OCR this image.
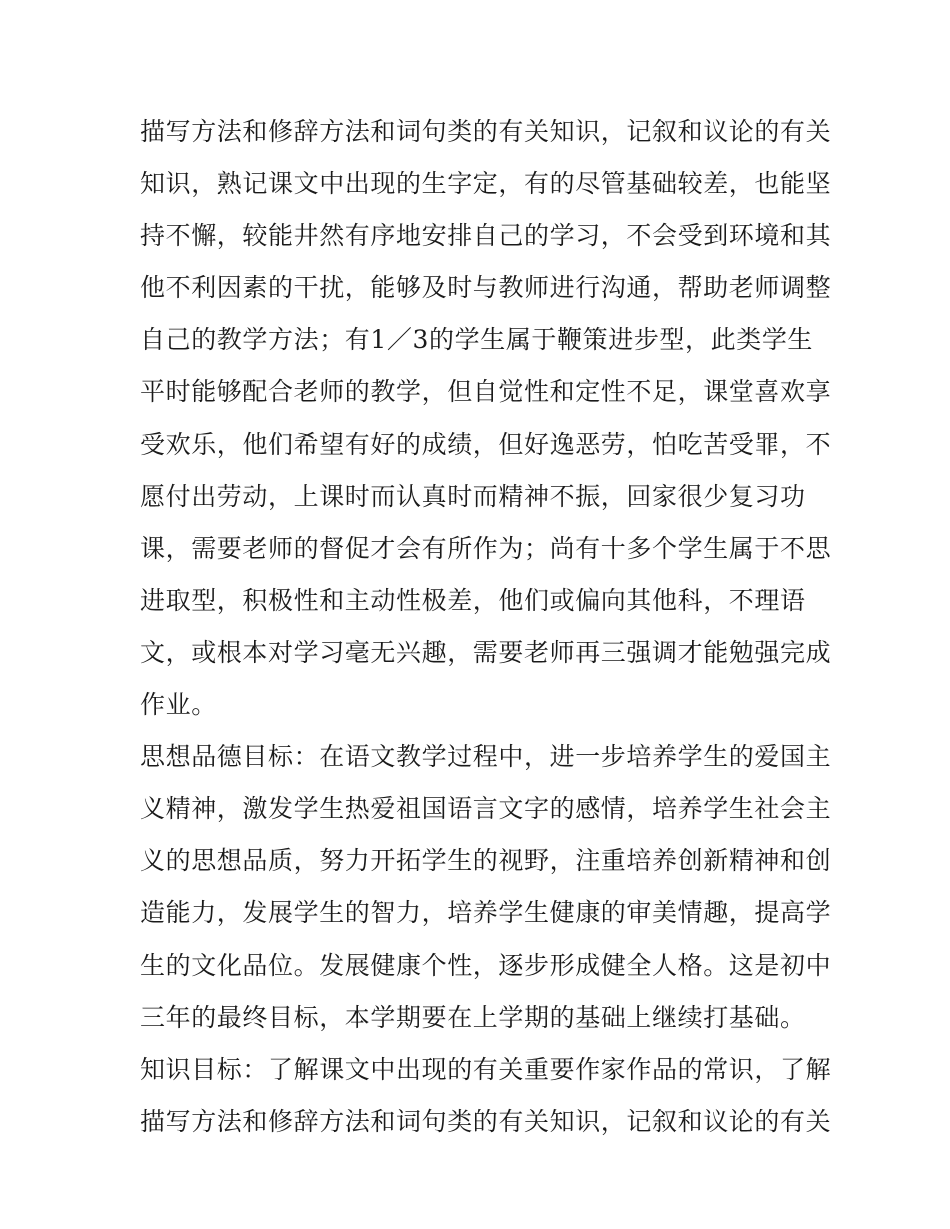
描写方法和修辞方法和词句类的有关知识，记叙和议论的有关
知识，熟记课文中出现的生字定，有的尽管基础较差，也能坚
持不懈，较能井然有序地安排自己的学习，不会受到环境和其
他不利因素的干扰，能够及时与教师进行沟通，帮助老师调整
自己的教学方法；有1／3的学生属于鞭策进步型，此类学生
平时能够配合老师的教学，但自觉性和定性不足，课堂喜欢享
受欢乐，他们希望有好的成绩，但好逸恶劳，怕吃苦受罪，不
愿付出劳动，上课时而认真时而精神不振，回家很少复习功
课，需要老师的督促才会有所作为；尚有十多个学生属于不思
进取型，积极性和主动性极差，他们或偏向其他科，不理语
文，或根本对学习毫无兴趣，需要老师再三强调才能勉强完成
作业。
思想品德目标：在语文教学过程中，进一步培养学生的爱国主
义精神，激发学生热爱祖国语言文字的感情，培养学生社会主
义的思想品质，努力开拓学生的视野，注重培养创新精神和创
造能力，发展学生的智力，培养学生健康的审美情趣，提高学
生的文化品位。发展健康个性，逐步形成健全人格。这是初中
三年的最终目标，本学期要在上学期的基础上继续打基础。
知识目标：了解课文中出现的有关重要作家作品的常识，了解
描写方法和修辞方法和词句类的有关知识，记叙和议论的有关
